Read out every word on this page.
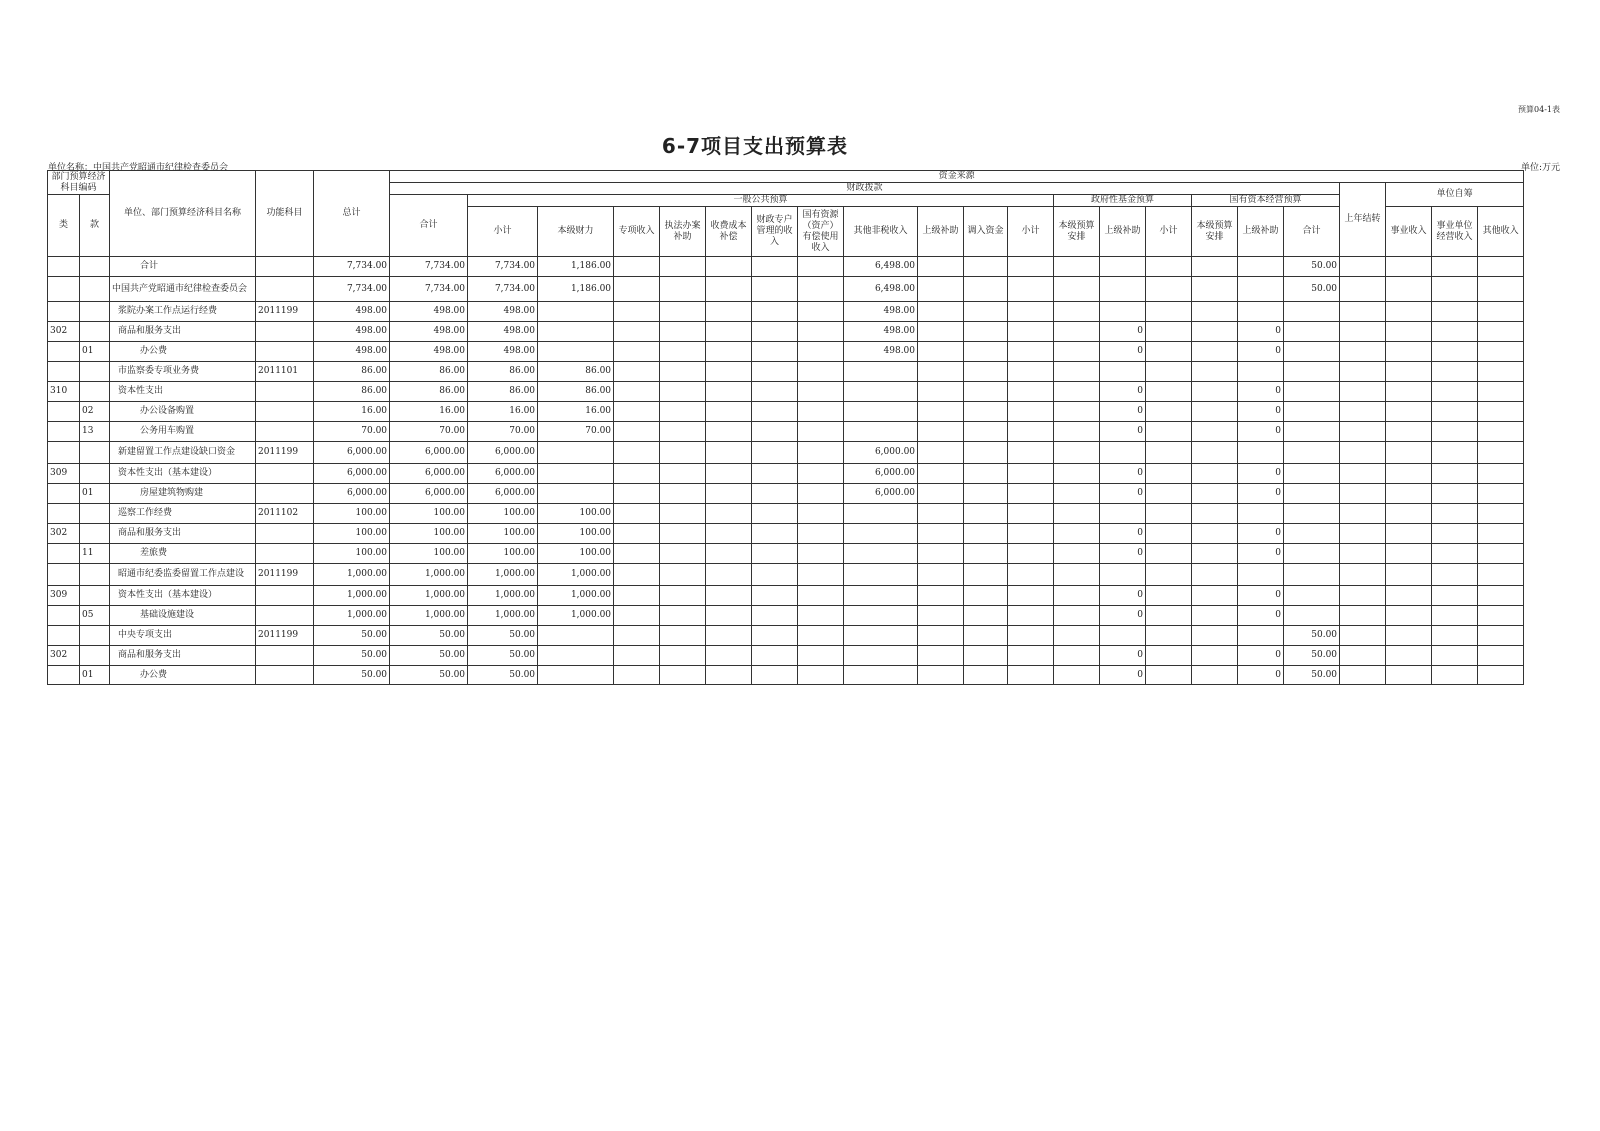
预算04-1表
6-7项目支出预算表
单位名称：中国共产党昭通市纪律检查委员会	单位:万元
部门预算经济科目编码		单位、部门预算经济科目名称	功能科目	总计	资金来源																					
					财政拨款																		上年结转	单位自筹		
类	款				合计	一般公共预算											政府性基金预算			国有资本经营预算						
						小计	本级财力	专项收入	执法办案补助	收费成本补偿	财政专户管理的收入	国有资源（资产）有偿使用收入	其他非税收入	上级补助	调入资金	小计	本级预算安排	上级补助	小计	本级预算安排	上级补助	合计		事业收入	事业单位经营收入	其他收入

		合计		7,734.00	7,734.00	7,734.00	1,186.00						6,498.00									50.00				
		中国共产党昭通市纪律检查委员会		7,734.00	7,734.00	7,734.00	1,186.00						6,498.00									50.00				
		浆院办案工作点运行经费	2011199	498.00	498.00	498.00							498.00													
302		商品和服务支出		498.00	498.00	498.00							498.00					0			0					
	01	办公费		498.00	498.00	498.00							498.00					0			0					
		市监察委专项业务费	2011101	86.00	86.00	86.00	86.00																			
310		资本性支出		86.00	86.00	86.00	86.00											0			0					
	02	办公设备购置		16.00	16.00	16.00	16.00											0			0					
	13	公务用车购置		70.00	70.00	70.00	70.00											0			0					
		新建留置工作点建设缺口资金	2011199	6,000.00	6,000.00	6,000.00							6,000.00													
309		资本性支出（基本建设）		6,000.00	6,000.00	6,000.00							6,000.00					0			0					
	01	房屋建筑物购建		6,000.00	6,000.00	6,000.00							6,000.00					0			0					
		巡察工作经费	2011102	100.00	100.00	100.00	100.00																			
302		商品和服务支出		100.00	100.00	100.00	100.00											0			0					
	11	差旅费		100.00	100.00	100.00	100.00											0			0					
		昭通市纪委监委留置工作点建设	2011199	1,000.00	1,000.00	1,000.00	1,000.00																			
309		资本性支出（基本建设）		1,000.00	1,000.00	1,000.00	1,000.00											0			0					
	05	基础设施建设		1,000.00	1,000.00	1,000.00	1,000.00											0			0					
		中央专项支出	2011199	50.00	50.00	50.00																50.00				
302		商品和服务支出		50.00	50.00	50.00												0			0	50.00				
	01	办公费		50.00	50.00	50.00												0			0	50.00				
